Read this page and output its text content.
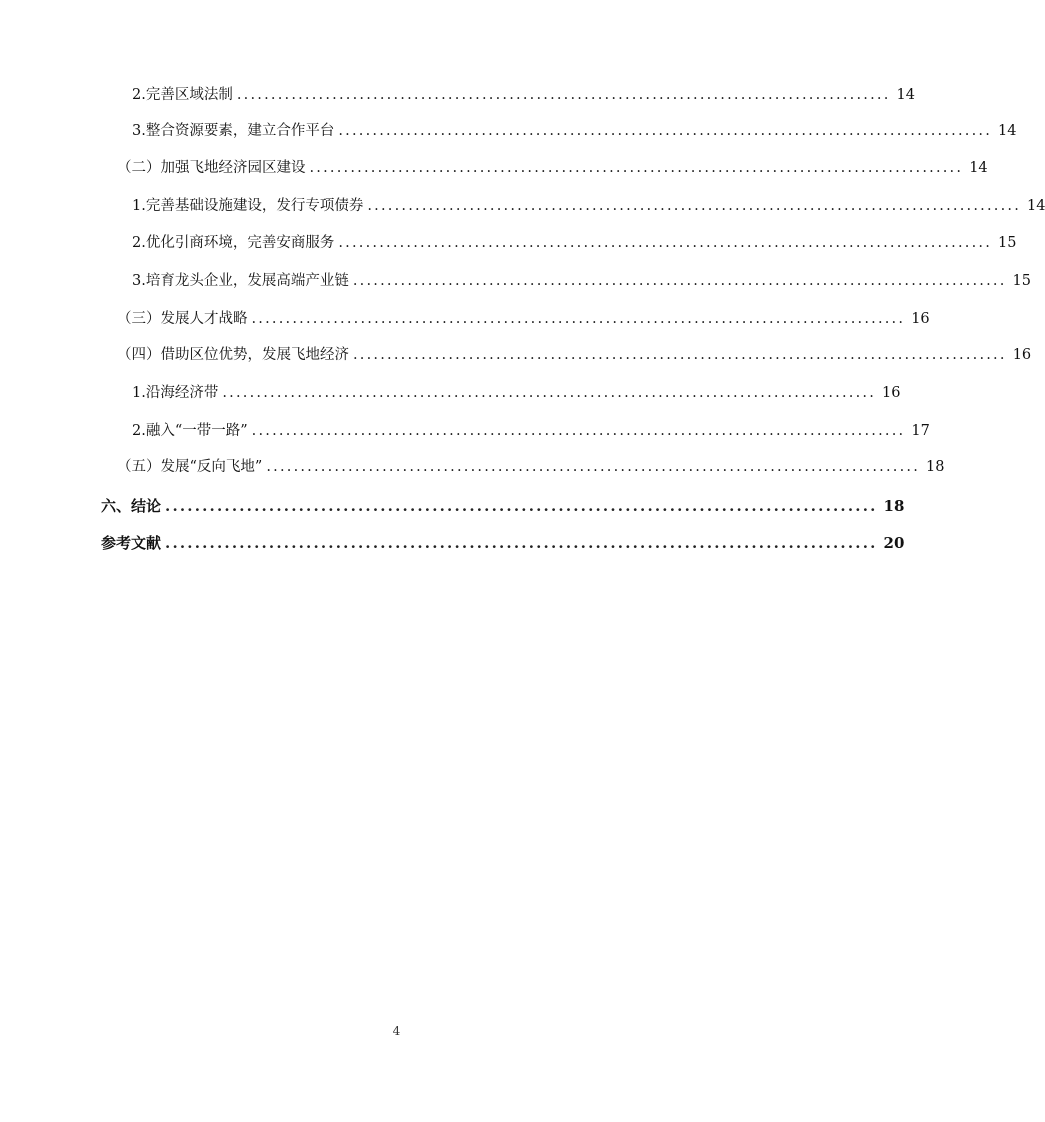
2.完善区域法制 ................................................................................................ 14
3.整合资源要素，建立合作平台 ................................................................................................ 14
（二）加强飞地经济园区建设 ................................................................................................ 14
1.完善基础设施建设，发行专项债券 ................................................................................................ 14
2.优化引商环境，完善安商服务 ................................................................................................ 15
3.培育龙头企业，发展高端产业链 ................................................................................................ 15
（三）发展人才战略 ................................................................................................ 16
（四）借助区位优势，发展飞地经济 ................................................................................................ 16
1.沿海经济带 ................................................................................................ 16
2.融入“一带一路” ................................................................................................ 17
（五）发展“反向飞地” ................................................................................................ 18
六、结论 ................................................................................................ 18
参考文献 ................................................................................................ 20
4
